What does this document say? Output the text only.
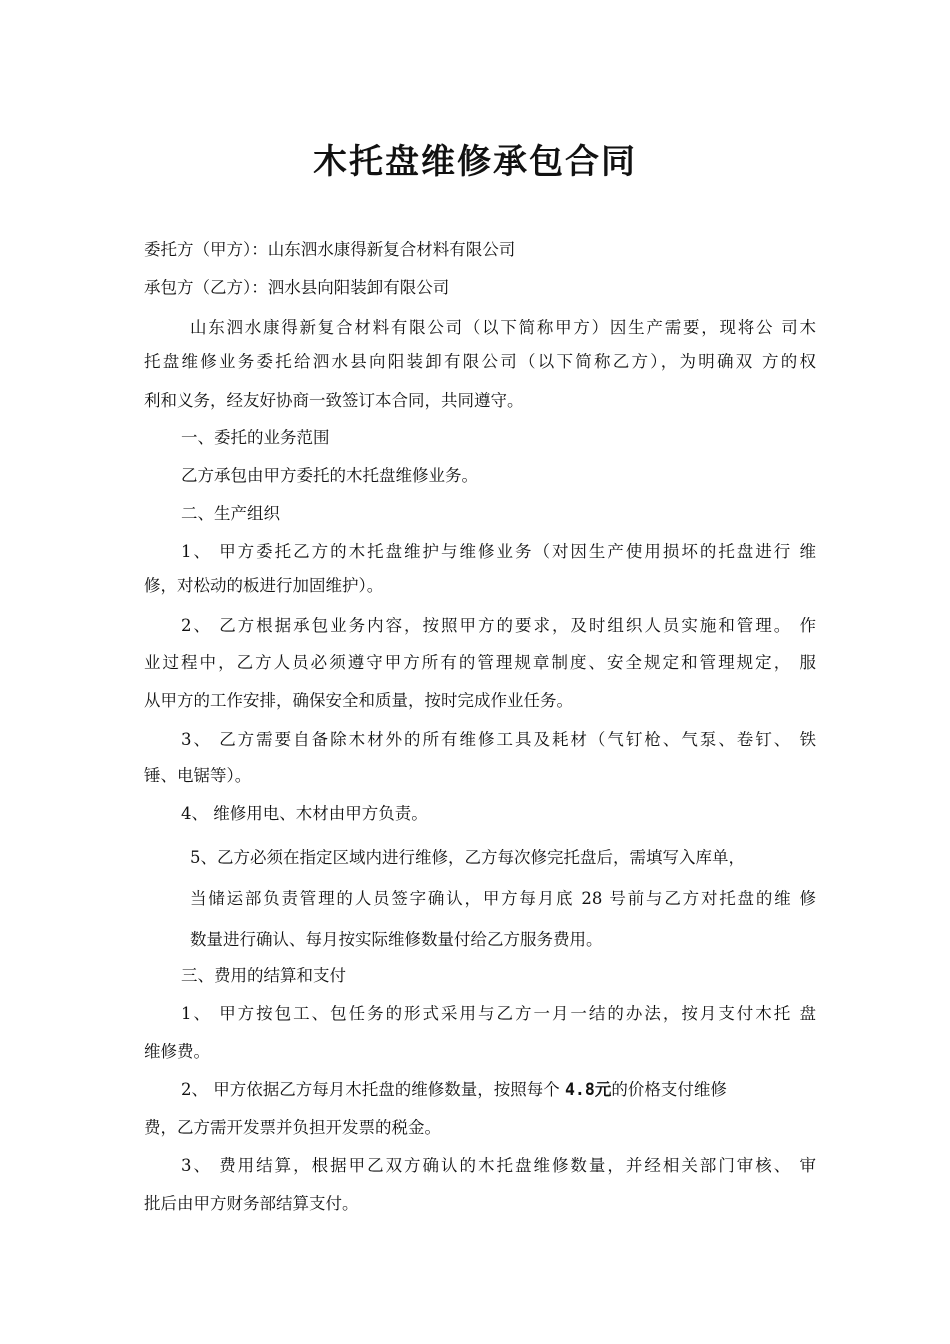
木托盘维修承包合同
委托方（甲方）：山东泗水康得新复合材料有限公司
承包方（乙方）：泗水县向阳装卸有限公司
山东泗水康得新复合材料有限公司（以下简称甲方）因生产需要，现将公 司木
托盘维修业务委托给泗水县向阳装卸有限公司（以下简称乙方），为明确双 方的权
利和义务，经友好协商一致签订本合同，共同遵守。
一、委托的业务范围
乙方承包由甲方委托的木托盘维修业务。
二、生产组织
1、 甲方委托乙方的木托盘维护与维修业务（对因生产使用损坏的托盘进行 维
修，对松动的板进行加固维护）。
2、 乙方根据承包业务内容，按照甲方的要求，及时组织人员实施和管理。 作
业过程中，乙方人员必须遵守甲方所有的管理规章制度、安全规定和管理规定， 服
从甲方的工作安排，确保安全和质量，按时完成作业任务。
3、 乙方需要自备除木材外的所有维修工具及耗材（气钉枪、气泵、卷钉、 铁
锤、电锯等）。
4、 维修用电、木材由甲方负责。
5、乙方必须在指定区域内进行维修，乙方每次修完托盘后，需填写入库单，
当储运部负责管理的人员签字确认，甲方每月底 28 号前与乙方对托盘的维 修
数量进行确认、每月按实际维修数量付给乙方服务费用。
三、费用的结算和支付
1、 甲方按包工、包任务的形式采用与乙方一月一结的办法，按月支付木托 盘
维修费。
2、 甲方依据乙方每月木托盘的维修数量，按照每个 4.8元的价格支付维修
费，乙方需开发票并负担开发票的税金。
3、 费用结算，根据甲乙双方确认的木托盘维修数量，并经相关部门审核、 审
批后由甲方财务部结算支付。
